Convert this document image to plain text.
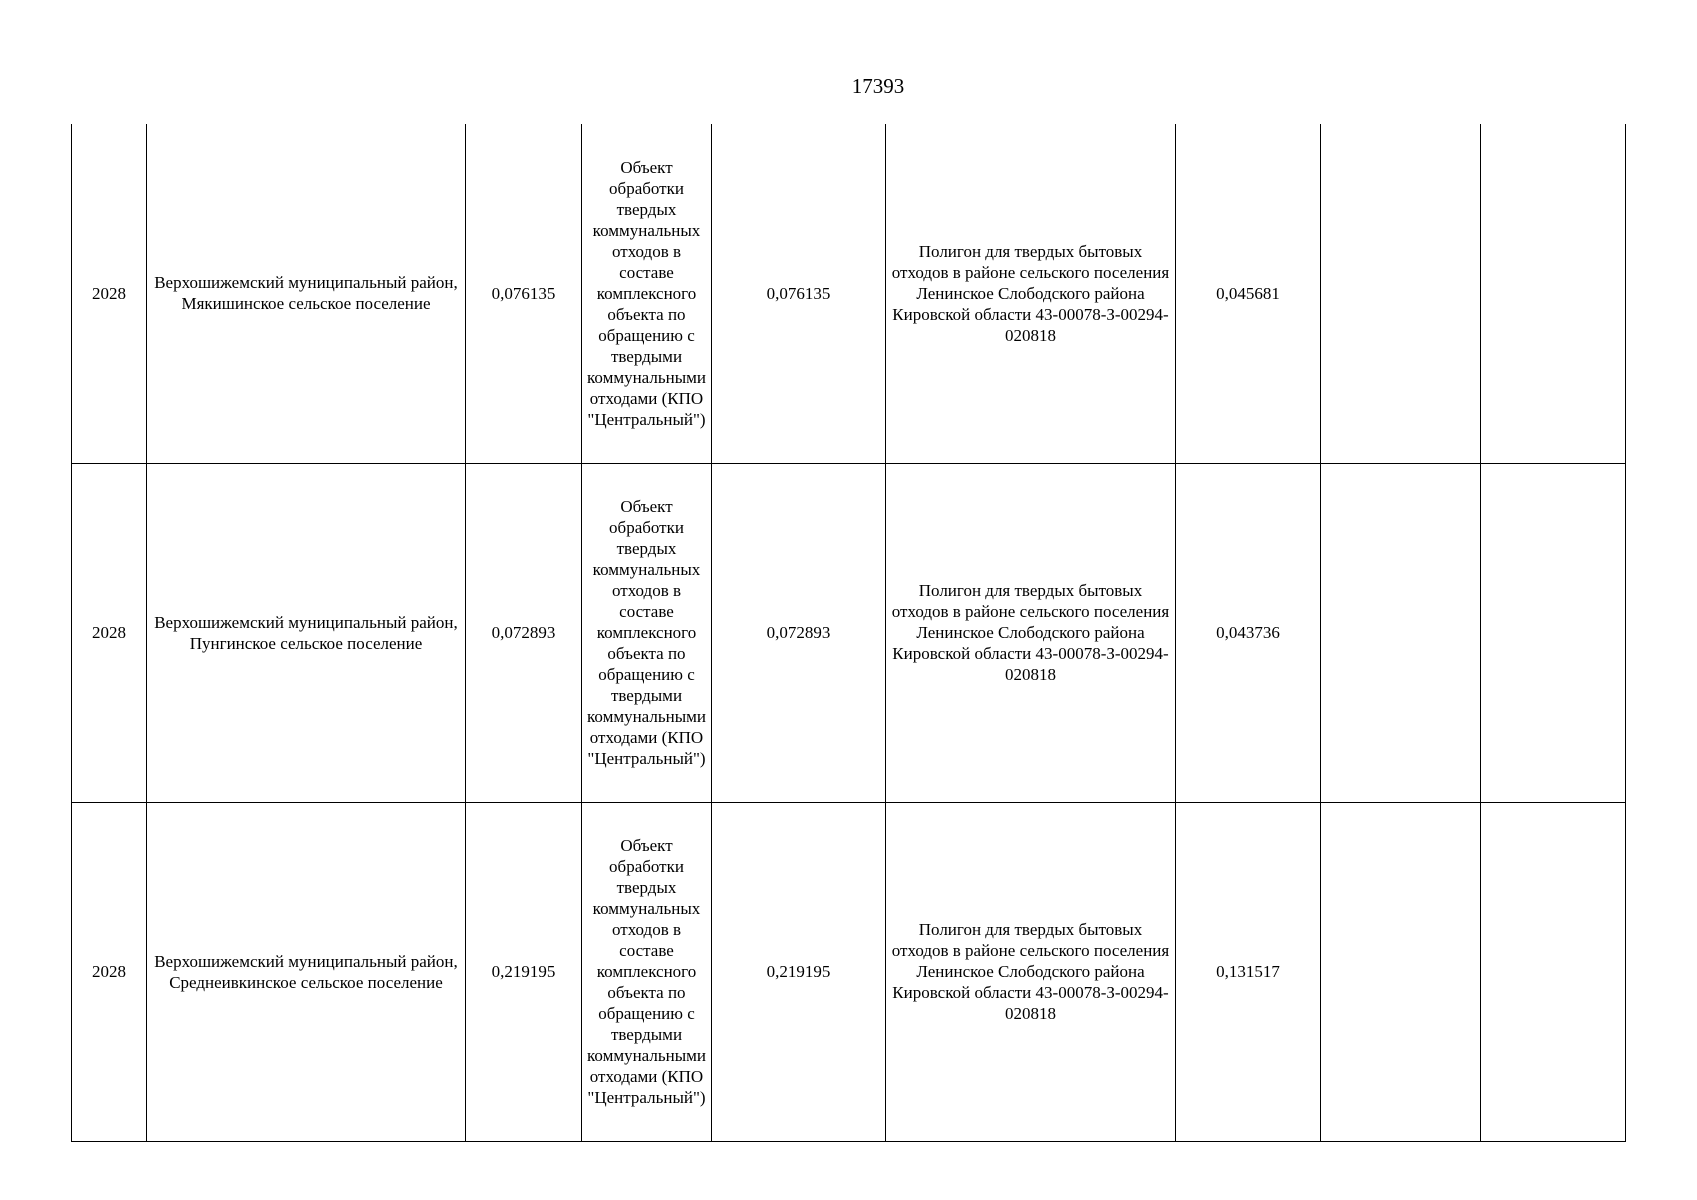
17393
2028	Верхошижемский муниципальный район, Мякишинское сельское поселение	0,076135	Объект обработки твердых коммунальных отходов в составе комплексного объекта по обращению с твердыми коммунальными отходами (КПО "Центральный")	0,076135	Полигон для твердых бытовых отходов в районе сельского поселения Ленинское Слободского района Кировской области 43-00078-З-00294-020818	0,045681		
2028	Верхошижемский муниципальный район, Пунгинское сельское поселение	0,072893	Объект обработки твердых коммунальных отходов в составе комплексного объекта по обращению с твердыми коммунальными отходами (КПО "Центральный")	0,072893	Полигон для твердых бытовых отходов в районе сельского поселения Ленинское Слободского района Кировской области 43-00078-З-00294-020818	0,043736		
2028	Верхошижемский муниципальный район, Среднеивкинское сельское поселение	0,219195	Объект обработки твердых коммунальных отходов в составе комплексного объекта по обращению с твердыми коммунальными отходами (КПО "Центральный")	0,219195	Полигон для твердых бытовых отходов в районе сельского поселения Ленинское Слободского района Кировской области 43-00078-З-00294-020818	0,131517		
